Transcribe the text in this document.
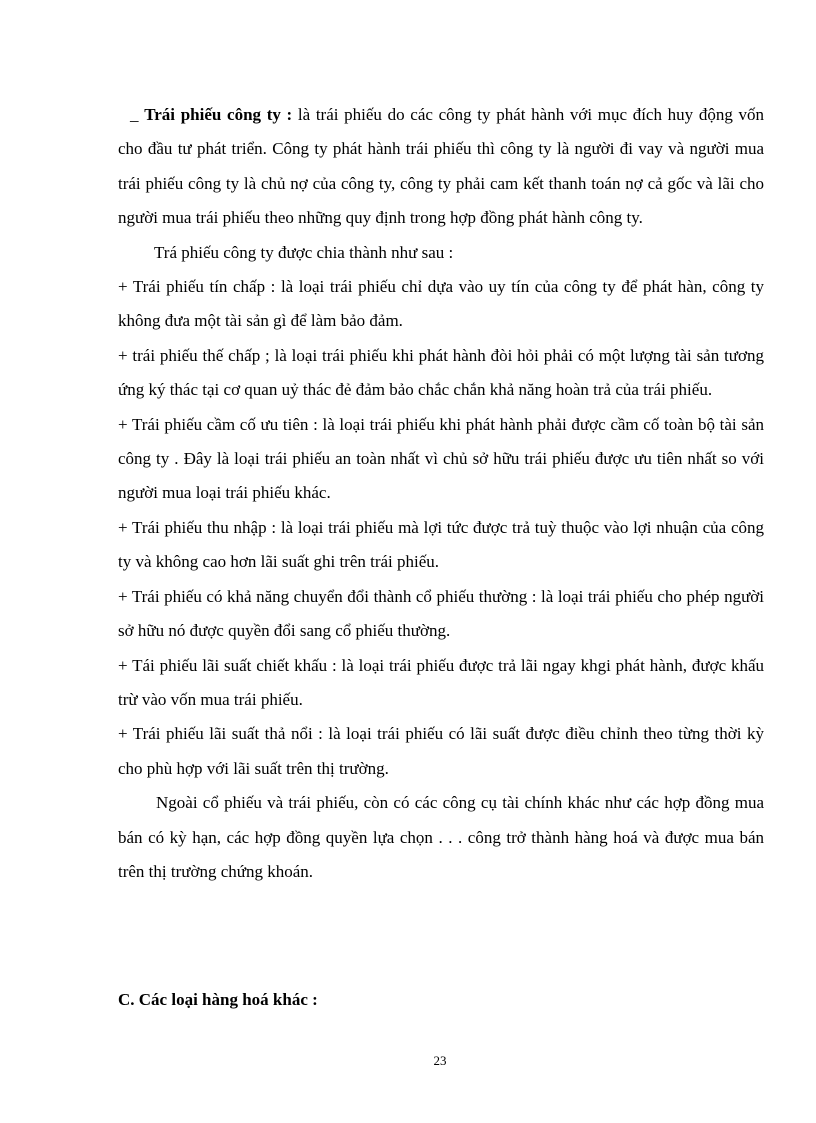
_ Trái phiếu công ty : là trái phiếu do các công ty phát hành với mục đích huy động vốn cho đầu tư phát triển. Công ty phát hành trái phiếu thì công ty là người đi vay và người mua trái phiếu công ty là chủ nợ của công ty, công ty phải cam kết thanh toán nợ cả gốc và lãi cho người mua trái phiếu theo những quy định trong hợp đồng phát hành công ty.

Trá phiếu công ty được chia thành như sau :

+ Trái phiếu tín chấp : là loại trái phiếu chỉ dựa vào uy tín của công ty để phát hàn, công ty không đưa một tài sản gì để làm bảo đảm.

+ trái phiếu thế chấp ; là loại trái phiếu khi phát hành đòi hỏi phải có một lượng tài sản tương ứng ký thác tại cơ quan uỷ thác đẻ đảm bảo chắc chắn khả năng hoàn trả của trái phiếu.

+ Trái phiếu cầm cố ưu tiên : là loại trái phiếu khi phát hành phải được cầm cố toàn bộ tài sản công ty . Đây là loại trái phiếu an toàn nhất vì chủ sở hữu trái phiếu được ưu tiên nhất so với người mua loại trái phiếu khác.

+ Trái phiếu thu nhập : là loại trái phiếu mà lợi tức được trả tuỳ thuộc vào lợi nhuận của công ty và không cao hơn lãi suất ghi trên trái phiếu.

+ Trái phiếu có khả năng chuyển đổi thành cổ phiếu thường : là loại trái phiếu cho phép người sở hữu nó được quyền đổi sang cổ phiếu thường.

+ Tái phiếu lãi suất chiết khấu : là loại trái phiếu được trả lãi ngay khgi phát hành, được khấu trừ vào vốn mua trái phiếu.

+ Trái phiếu lãi suất thả nổi : là loại trái phiếu có lãi suất được điều chỉnh theo từng thời kỳ cho phù hợp với lãi suất trên thị trường.

Ngoài cổ phiếu và trái phiếu, còn có các công cụ tài chính khác như các hợp đồng mua bán có kỳ hạn, các hợp đồng quyền lựa chọn . . . công trở thành hàng hoá và được mua bán trên thị trường chứng khoán.

C. Các loại hàng hoá khác :

23
